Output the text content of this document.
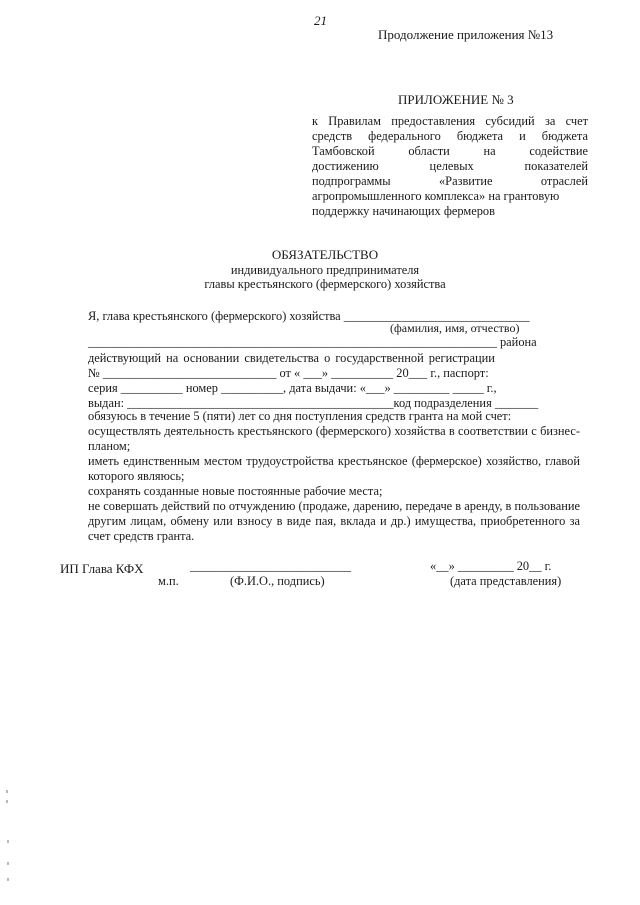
21
Продолжение приложения №13
ПРИЛОЖЕНИЕ № 3
к Правилам предоставления субсидий за счет
средств федерального бюджета и бюджета
Тамбовской области на содействие
достижению целевых показателей
подпрограммы «Развитие отраслей
агропромышленного комплекса» на грантовую
поддержку начинающих фермеров
ОБЯЗАТЕЛЬСТВО
индивидуального предпринимателя
главы крестьянского (фермерского) хозяйства
Я, глава крестьянского (фермерского) хозяйства ______________________________
(фамилия, имя, отчество)
__________________________________________________________________ района
действующий на основании свидетельства о государственной регистрации
№ ____________________________ от « ___» __________ 20___ г., паспорт:
серия __________ номер __________, дата выдачи: «___» _________ _____ г.,
выдан: ___________________________________________код подразделения _______
обязуюсь в течение 5 (пяти) лет со дня поступления средств гранта на мой счет:
осуществлять деятельность крестьянского (фермерского) хозяйства в соответствии с бизнес-планом;
иметь единственным местом трудоустройства крестьянское (фермерское) хозяйство, главой которого являюсь;
сохранять созданные новые постоянные рабочие места;
не совершать действий по отчуждению (продаже, дарению, передаче в аренду, в пользование другим лицам, обмену или взносу в виде пая, вклада и др.) имущества, приобретенного за счет средств гранта.
ИП Глава КФХ	__________________________	«__» _________ 20__ г.
м.п.	(Ф.И.О., подпись)	(дата представления)
